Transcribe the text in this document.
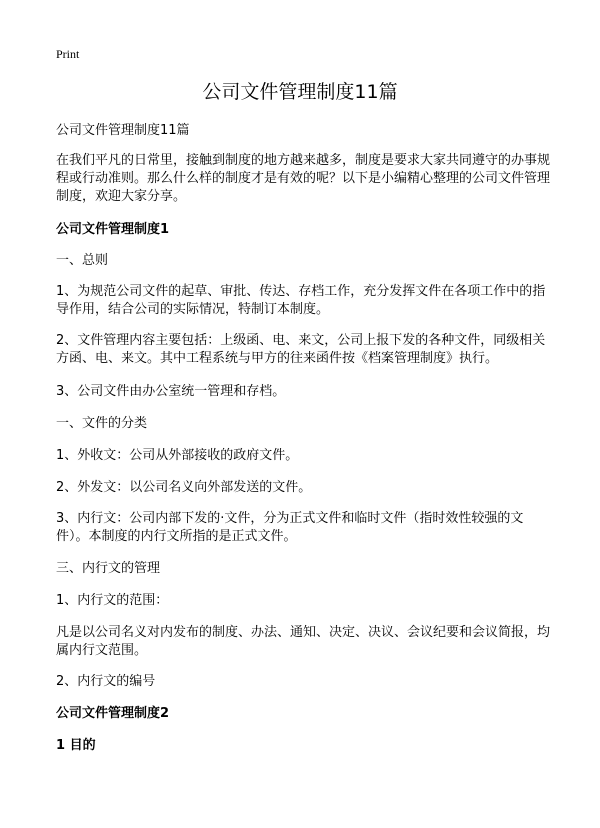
Print
公司文件管理制度11篇

公司文件管理制度11篇

在我们平凡的日常里，接触到制度的地方越来越多，制度是要求大家共同遵守的办事规程或行动准则。那么什么样的制度才是有效的呢？以下是小编精心整理的公司文件管理制度，欢迎大家分享。

公司文件管理制度1

一、总则

1、为规范公司文件的起草、审批、传达、存档工作，充分发挥文件在各项工作中的指导作用，结合公司的实际情况，特制订本制度。

2、文件管理内容主要包括：上级函、电、来文，公司上报下发的各种文件，同级相关方函、电、来文。其中工程系统与甲方的往来函件按《档案管理制度》执行。

3、公司文件由办公室统一管理和存档。

一、文件的分类

1、外收文：公司从外部接收的政府文件。

2、外发文：以公司名义向外部发送的文件。

3、内行文：公司内部下发的·文件，分为正式文件和临时文件（指时效性较强的文件）。本制度的内行文所指的是正式文件。

三、内行文的管理

1、内行文的范围：

凡是以公司名义对内发布的制度、办法、通知、决定、决议、会议纪要和会议简报，均属内行文范围。

2、内行文的编号

公司文件管理制度2

1 目的
